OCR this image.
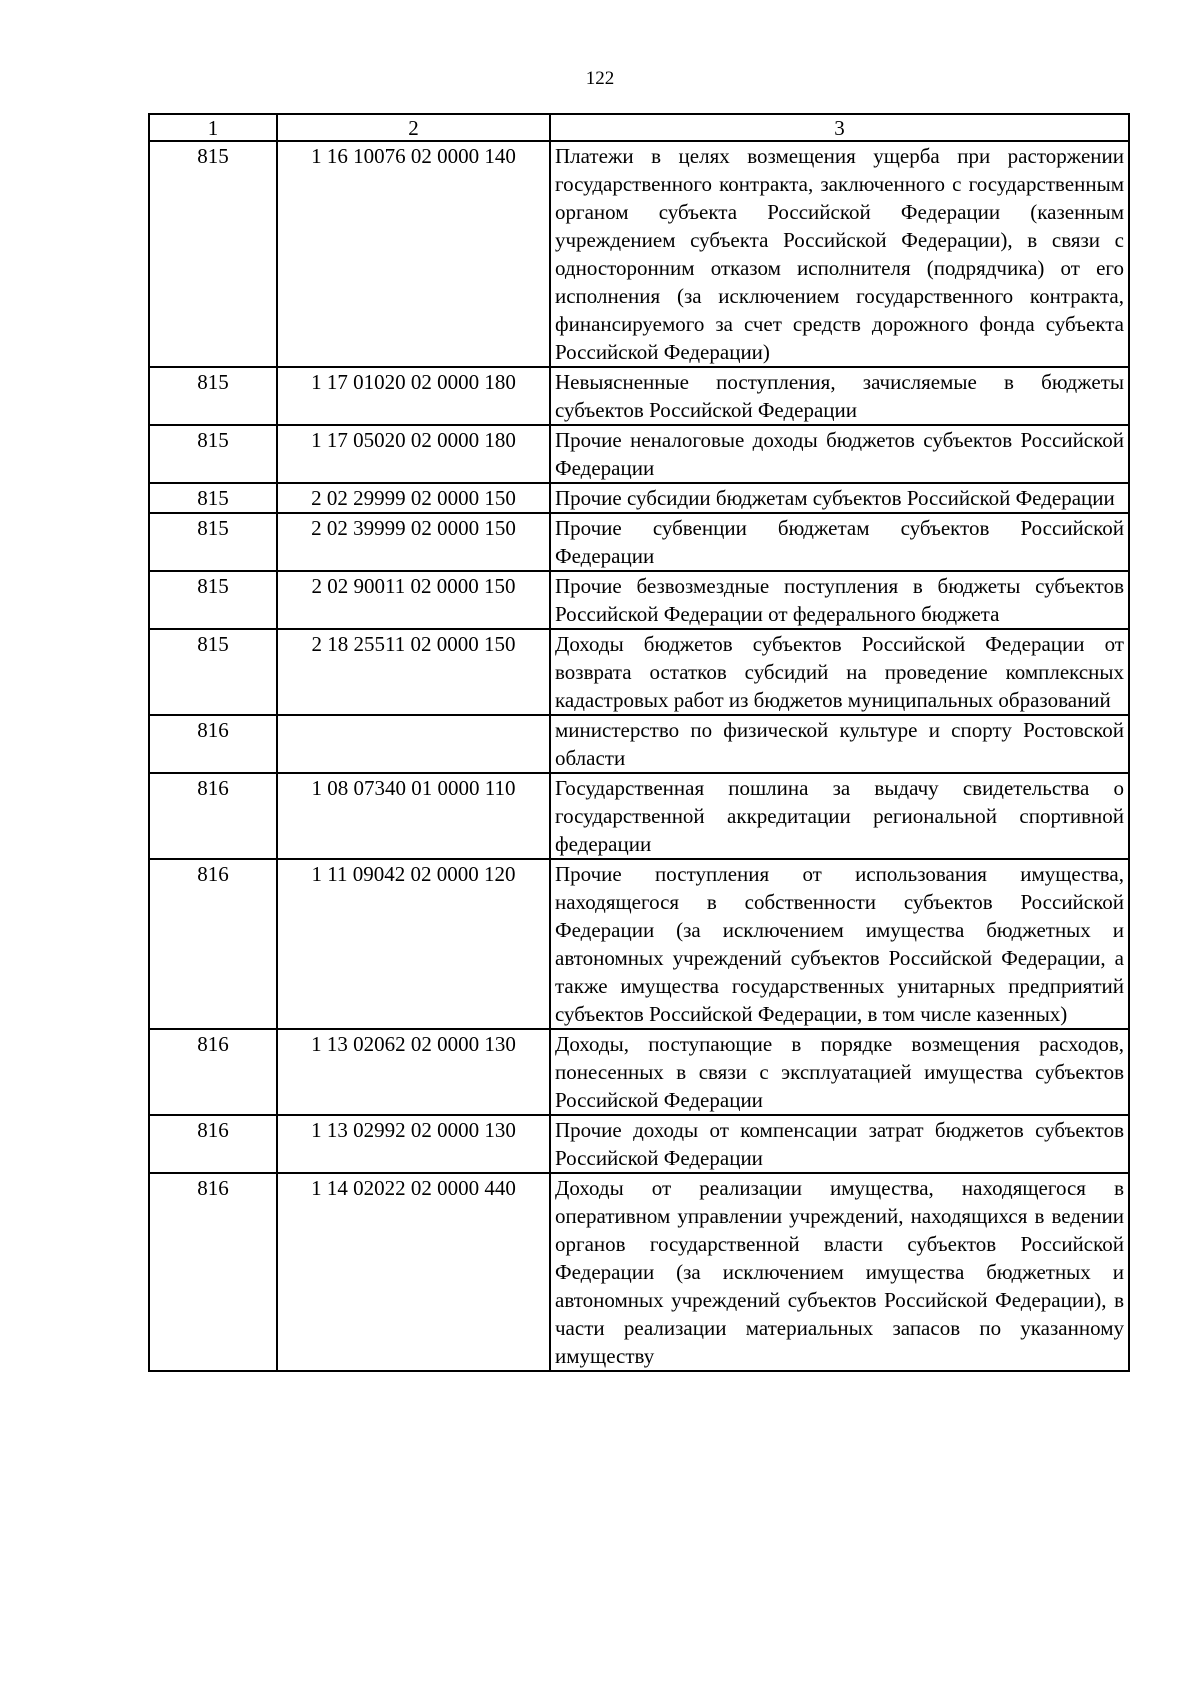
122
1	2	3
815	1 16 10076 02 0000 140	Платежи в целях возмещения ущерба при расторжении государственного контракта, заключенного с государственным органом субъекта Российской Федерации (казенным учреждением субъекта Российской Федерации), в связи с односторонним отказом исполнителя (подрядчика) от его исполнения (за исключением государственного контракта, финансируемого за счет средств дорожного фонда субъекта Российской Федерации)
815	1 17 01020 02 0000 180	Невыясненные поступления, зачисляемые в бюджеты субъектов Российской Федерации
815	1 17 05020 02 0000 180	Прочие неналоговые доходы бюджетов субъектов Российской Федерации
815	2 02 29999 02 0000 150	Прочие субсидии бюджетам субъектов Российской Федерации
815	2 02 39999 02 0000 150	Прочие субвенции бюджетам субъектов Российской Федерации
815	2 02 90011 02 0000 150	Прочие безвозмездные поступления в бюджеты субъектов Российской Федерации от федерального бюджета
815	2 18 25511 02 0000 150	Доходы бюджетов субъектов Российской Федерации от возврата остатков субсидий на проведение комплексных кадастровых работ из бюджетов муниципальных образований
816		министерство по физической культуре и спорту Ростовской области
816	1 08 07340 01 0000 110	Государственная пошлина за выдачу свидетельства о государственной аккредитации региональной спортивной федерации
816	1 11 09042 02 0000 120	Прочие поступления от использования имущества, находящегося в собственности субъектов Российской Федерации (за исключением имущества бюджетных и автономных учреждений субъектов Российской Федерации, а также имущества государственных унитарных предприятий субъектов Российской Федерации, в том числе казенных)
816	1 13 02062 02 0000 130	Доходы, поступающие в порядке возмещения расходов, понесенных в связи с эксплуатацией имущества субъектов Российской Федерации
816	1 13 02992 02 0000 130	Прочие доходы от компенсации затрат бюджетов субъектов Российской Федерации
816	1 14 02022 02 0000 440	Доходы от реализации имущества, находящегося в оперативном управлении учреждений, находящихся в ведении органов государственной власти субъектов Российской Федерации (за исключением имущества бюджетных и автономных учреждений субъектов Российской Федерации), в части реализации материальных запасов по указанному имуществу
